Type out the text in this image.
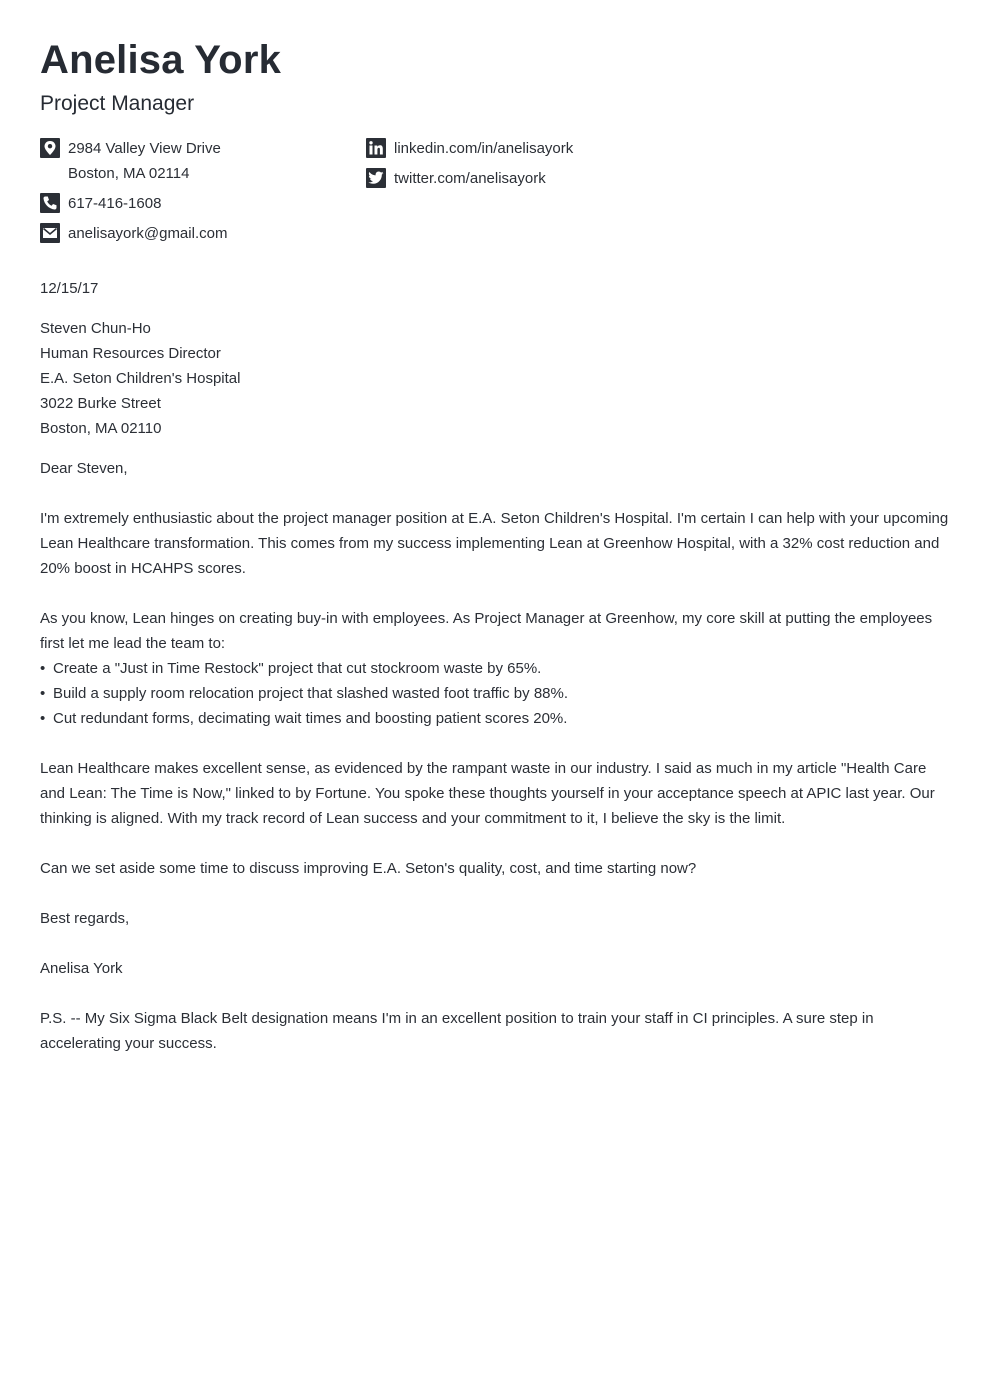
Anelisa York
Project Manager
2984 Valley View Drive
Boston, MA 02114
617-416-1608
anelisayork@gmail.com
linkedin.com/in/anelisayork
twitter.com/anelisayork

12/15/17

Steven Chun-Ho
Human Resources Director
E.A. Seton Children's Hospital
3022 Burke Street
Boston, MA 02110

Dear Steven,

I'm extremely enthusiastic about the project manager position at E.A. Seton Children's Hospital. I'm certain I can help with your upcoming Lean Healthcare transformation. This comes from my success implementing Lean at Greenhow Hospital, with a 32% cost reduction and 20% boost in HCAHPS scores.

As you know, Lean hinges on creating buy-in with employees. As Project Manager at Greenhow, my core skill at putting the employees first let me lead the team to:

• Create a "Just in Time Restock" project that cut stockroom waste by 65%.
• Build a supply room relocation project that slashed wasted foot traffic by 88%.
• Cut redundant forms, decimating wait times and boosting patient scores 20%.

Lean Healthcare makes excellent sense, as evidenced by the rampant waste in our industry. I said as much in my article "Health Care and Lean: The Time is Now," linked to by Fortune. You spoke these thoughts yourself in your acceptance speech at APIC last year. Our thinking is aligned. With my track record of Lean success and your commitment to it, I believe the sky is the limit.

Can we set aside some time to discuss improving E.A. Seton's quality, cost, and time starting now?

Best regards,

Anelisa York

P.S. -- My Six Sigma Black Belt designation means I'm in an excellent position to train your staff in CI principles. A sure step in accelerating your success.
